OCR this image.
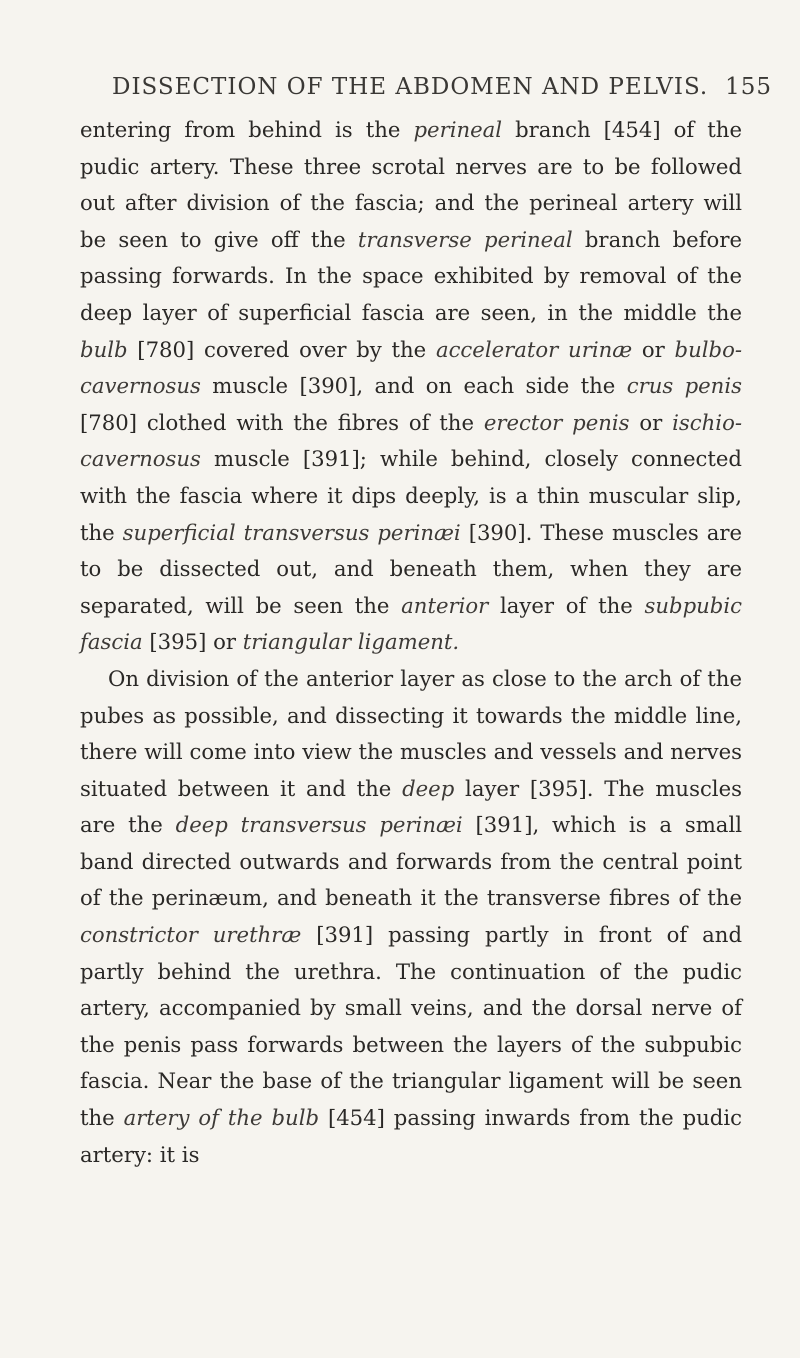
DISSECTION OF THE ABDOMEN AND PELVIS. 155

entering from behind is the perineal branch [454] of the pudic artery. These three scrotal nerves are to be followed out after division of the fascia; and the perineal artery will be seen to give off the transverse perineal branch before passing forwards. In the space exhibited by removal of the deep layer of superficial fascia are seen, in the middle the bulb [780] covered over by the accelerator urinæ or bulbo-cavernosus muscle [390], and on each side the crus penis [780] clothed with the fibres of the erector penis or ischio-cavernosus muscle [391]; while behind, closely connected with the fascia where it dips deeply, is a thin muscular slip, the superficial transversus perinæi [390]. These muscles are to be dissected out, and beneath them, when they are separated, will be seen the anterior layer of the subpubic fascia [395] or triangular ligament.

On division of the anterior layer as close to the arch of the pubes as possible, and dissecting it towards the middle line, there will come into view the muscles and vessels and nerves situated between it and the deep layer [395]. The muscles are the deep transversus perinæi [391], which is a small band directed outwards and forwards from the central point of the perinæum, and beneath it the transverse fibres of the constrictor urethræ [391] passing partly in front of and partly behind the urethra. The continuation of the pudic artery, accompanied by small veins, and the dorsal nerve of the penis pass forwards between the layers of the subpubic fascia. Near the base of the triangular ligament will be seen the artery of the bulb [454] passing inwards from the pudic artery: it is
